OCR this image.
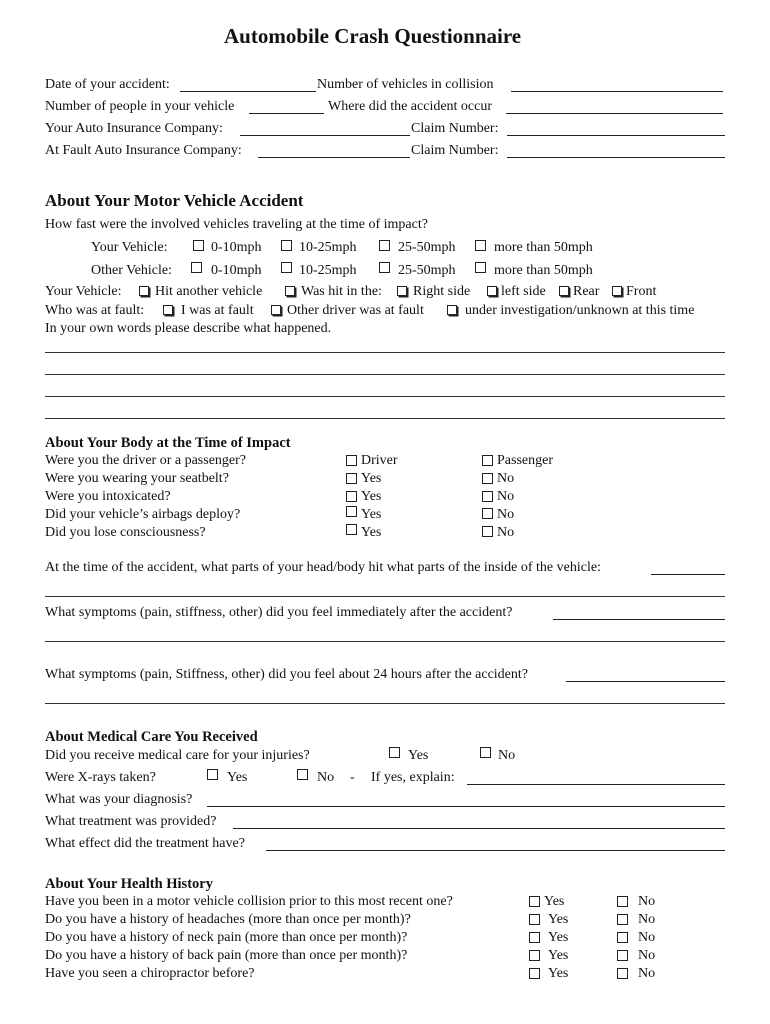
Automobile Crash Questionnaire
Date of your accident:	Number of vehicles in collision
Number of people in your vehicle	Where did the accident occur
Your Auto Insurance Company:	Claim Number:
At Fault Auto Insurance Company:	Claim Number:
About Your Motor Vehicle Accident
How fast were the involved vehicles traveling at the time of impact?
Your Vehicle:	0-10mph	10-25mph	25-50mph	more than 50mph
Other Vehicle:	0-10mph	10-25mph	25-50mph	more than 50mph
Your Vehicle: Hit another vehicle	Was hit in the: Right side left side Rear Front
Who was at fault:	I was at fault Other driver was at fault	under investigation/unknown at this time
In your own words please describe what happened.
About Your Body at the Time of Impact
Were you the driver or a passenger?	Driver	Passenger
Were you wearing your seatbelt?	Yes	No
Were you intoxicated?	Yes	No
Did your vehicle’s airbags deploy?	Yes	No
Did you lose consciousness?	Yes	No
At the time of the accident, what parts of your head/body hit what parts of the inside of the vehicle:
What symptoms (pain, stiffness, other) did you feel immediately after the accident?
What symptoms (pain, Stiffness, other) did you feel about 24 hours after the accident?
About Medical Care You Received
Did you receive medical care for your injuries?	Yes	No
Were X-rays taken?	Yes	No - If yes, explain:
What was your diagnosis?
What treatment was provided?
What effect did the treatment have?
About Your Health History
Have you been in a motor vehicle collision prior to this most recent one?	Yes	No
Do you have a history of headaches (more than once per month)?	Yes	No
Do you have a history of neck pain (more than once per month)?	Yes	No
Do you have a history of back pain (more than once per month)?	Yes	No
Have you seen a chiropractor before?	Yes	No
